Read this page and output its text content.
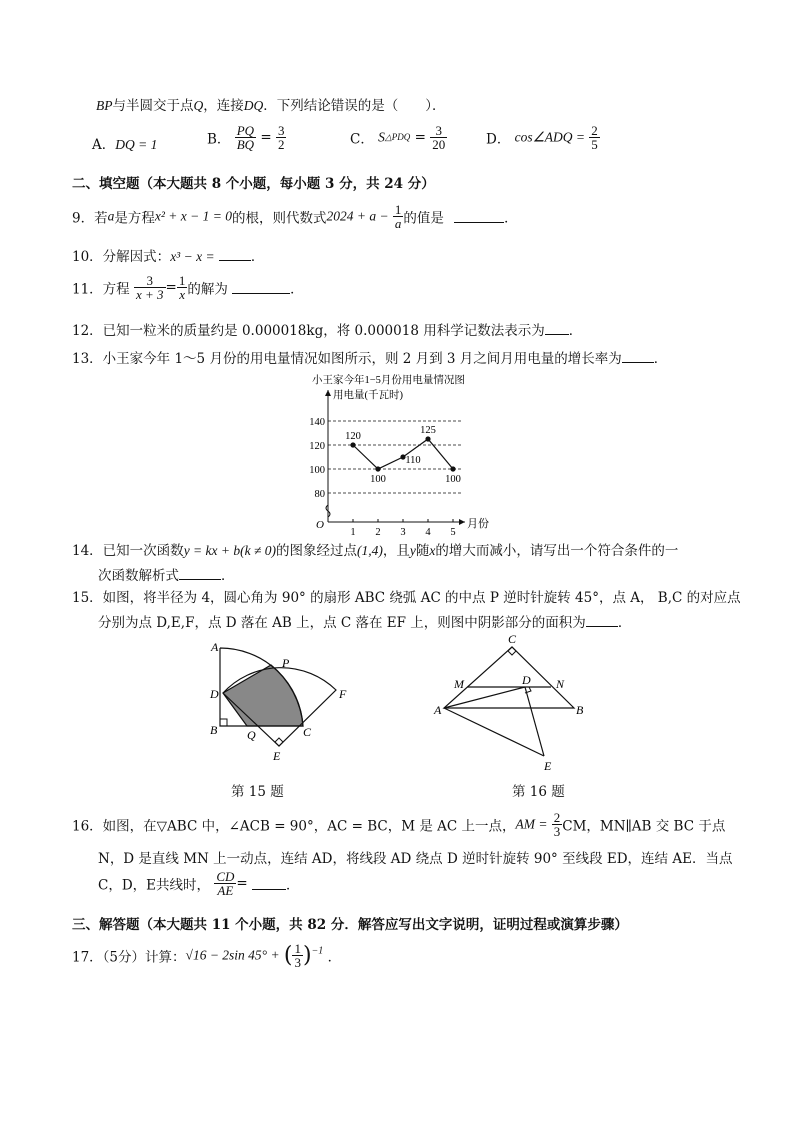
BP与半圆交于点Q，连接DQ．下列结论错误的是（　　）．
A．DQ = 1	B． $\frac{PQ}{BQ} = \frac{3}{2}$	C． S△PDQ = $\frac{3}{20}$	D． cos∠ADQ = $\frac{2}{5}$
二、填空题（本大题共 8 个小题，每小题 3 分，共 24 分）
9．若a是方程x² + x − 1 = 0的根，则代数式$2024 + a - \frac{1}{a}$ 的值是	．
10．分解因式：x³ − x =	．
11．方程 $\frac{3}{x + 3} = \frac{1}{x}$ 的解为	．
12．已知一粒米的质量约是 0.000018kg，将 0.000018 用科学记数法表示为 ．
13．小王家今年 1～5 月份的用电量情况如图所示，则 2 月到 3 月之间月用电量的增长率为 ．
小王家今年1−5月份用电量情况图
用电量(千瓦时)
月份
O
80
100
120
140
1 2 3 4 5
120
100
110
125
100
14．已知一次函数y = kx + b(k ≠ 0)的图象经过点(1,4)，且y随x的增大而减小，请写出一个符合条件的一
次函数解析式	．
15．如图，将半径为 4，圆心角为 90° 的扇形 ABC 绕弧 AC 的中点 P 逆时针旋转 45°，点 A， B,C 的对应点
分别为点 D,E,F，点 D 落在 AB 上，点 C 落在 EF 上，则图中阴影部分的面积为 ．
A
P
D	F
B Q	C
E
第 15 题
C
M	D N
A	B
E
第 16 题
16．如图，在▽ABC 中，∠ACB = 90°，AC = BC，M 是 AC 上一点，AM = $\frac{2}{3}$ CM，MN∥AB 交 BC 于点
N，D 是直线 MN 上一动点，连结 AD，将线段 AD 绕点 D 逆时针旋转 90° 至线段 ED，连结 AE．当点
C，D，E共线时， $\frac{CD}{AE}$ =	．
三、解答题（本大题共 11 个小题，共 82 分．解答应写出文字说明，证明过程或演算步骤）
17．（5分）计算：√16 − 2sin 45° + ( $\frac{1}{3} )^{-1}$ ．
